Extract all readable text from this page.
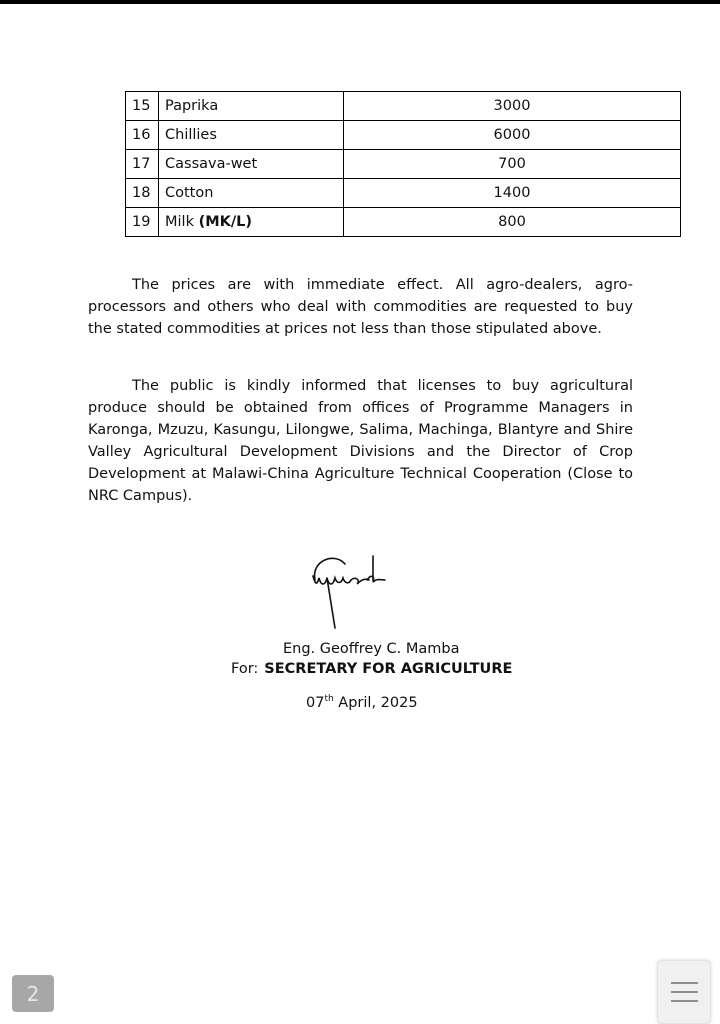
15	Paprika	3000
16	Chillies	6000
17	Cassava-wet	700
18	Cotton	1400
19	Milk (MK/L)	800

The prices are with immediate effect. All agro-dealers, agro-processors and others who deal with commodities are requested to buy the stated commodities at prices not less than those stipulated above.

The public is kindly informed that licenses to buy agricultural produce should be obtained from offices of Programme Managers in Karonga, Mzuzu, Kasungu, Lilongwe, Salima, Machinga, Blantyre and Shire Valley Agricultural Development Divisions and the Director of Crop Development at Malawi-China Agriculture Technical Cooperation (Close to NRC Campus).

Eng. Geoffrey C. Mamba
For: SECRETARY FOR AGRICULTURE
07th April, 2025
2
